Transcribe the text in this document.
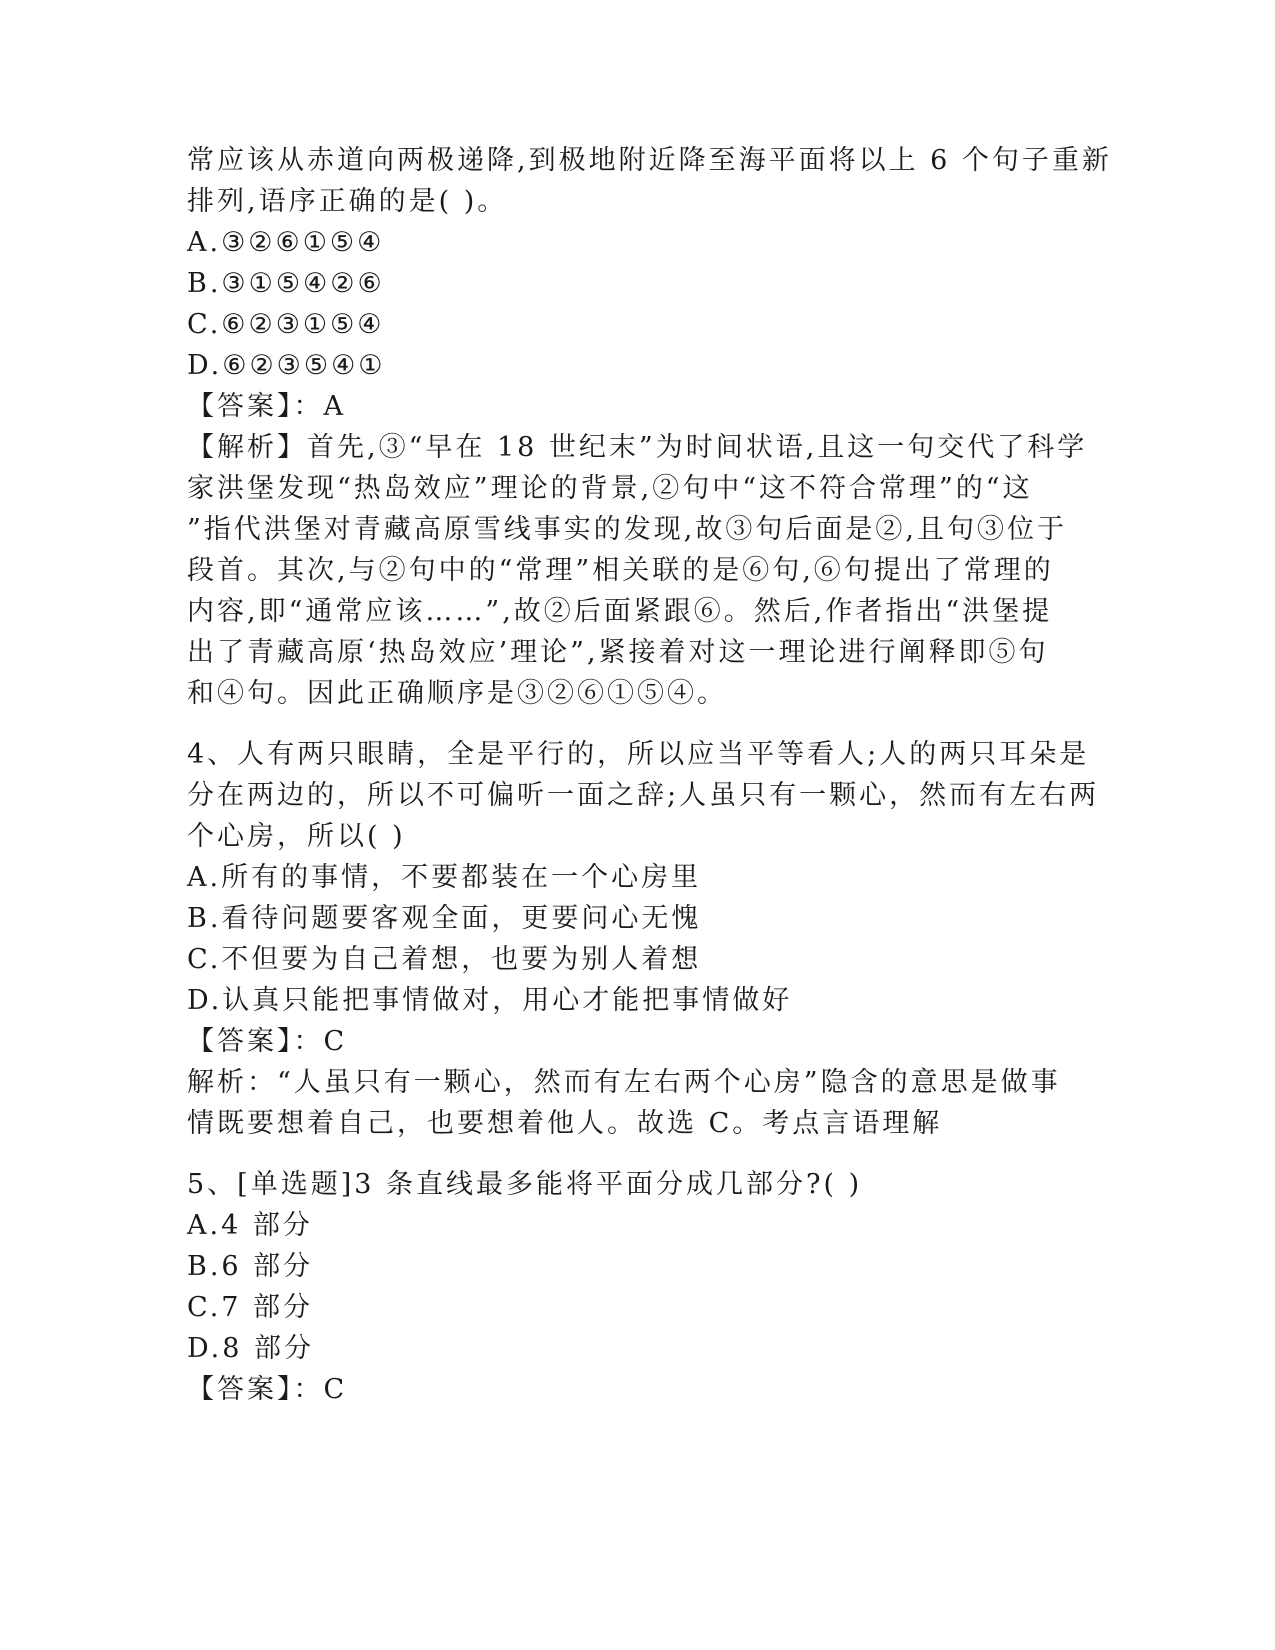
常应该从赤道向两极递降,到极地附近降至海平面将以上 6 个句子重新
排列,语序正确的是( )。
A.③②⑥①⑤④
B.③①⑤④②⑥
C.⑥②③①⑤④
D.⑥②③⑤④①
【答案】：A
【解析】首先,③“早在 18 世纪末”为时间状语,且这一句交代了科学
家洪堡发现“热岛效应”理论的背景,②句中“这不符合常理”的“这
”指代洪堡对青藏高原雪线事实的发现,故③句后面是②,且句③位于
段首。其次,与②句中的“常理”相关联的是⑥句,⑥句提出了常理的
内容,即“通常应该……”,故②后面紧跟⑥。然后,作者指出“洪堡提
出了青藏高原‘热岛效应’理论”,紧接着对这一理论进行阐释即⑤句
和④句。因此正确顺序是③②⑥①⑤④。
4、人有两只眼睛，全是平行的，所以应当平等看人;人的两只耳朵是
分在两边的，所以不可偏听一面之辞;人虽只有一颗心，然而有左右两
个心房，所以( )
A.所有的事情，不要都装在一个心房里
B.看待问题要客观全面，更要问心无愧
C.不但要为自己着想，也要为别人着想
D.认真只能把事情做对，用心才能把事情做好
【答案】：C
解析：“人虽只有一颗心，然而有左右两个心房”隐含的意思是做事
情既要想着自己，也要想着他人。故选 C。考点言语理解
5、[单选题]3 条直线最多能将平面分成几部分?( )
A.4 部分
B.6 部分
C.7 部分
D.8 部分
【答案】：C
